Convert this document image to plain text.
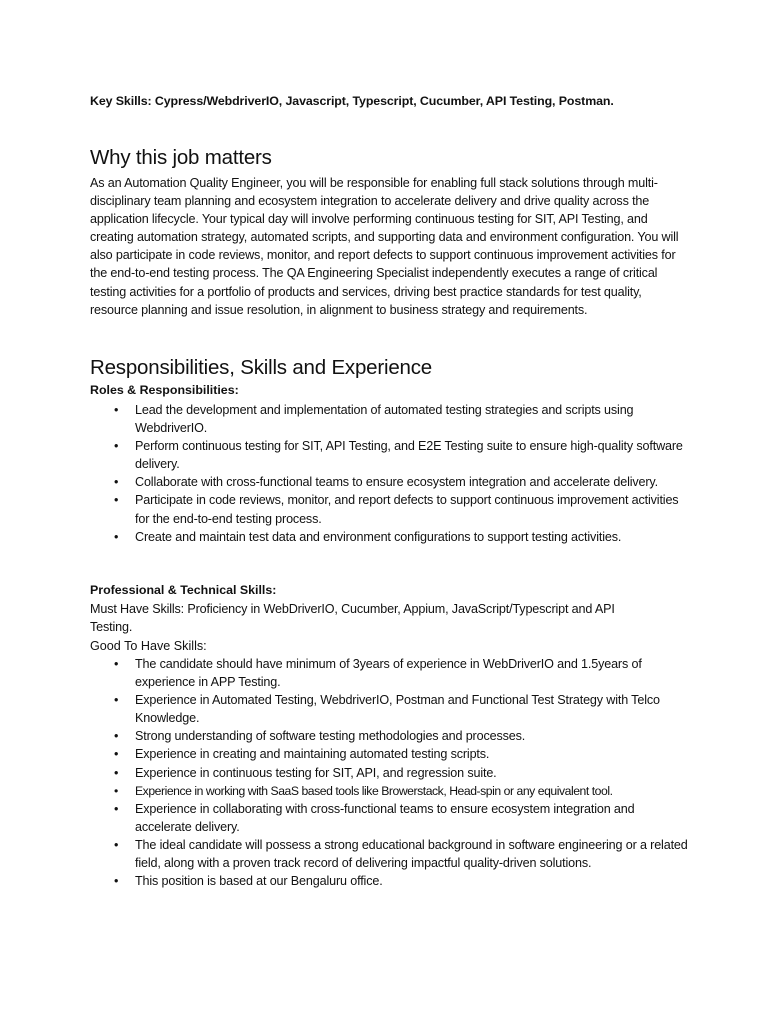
Key Skills: Cypress/WebdriverIO, Javascript, Typescript, Cucumber, API Testing, Postman.
Why this job matters

As an Automation Quality Engineer, you will be responsible for enabling full stack solutions through multi-disciplinary team planning and ecosystem integration to accelerate delivery and drive quality across the application lifecycle. Your typical day will involve performing continuous testing for SIT, API Testing, and creating automation strategy, automated scripts, and supporting data and environment configuration. You will also participate in code reviews, monitor, and report defects to support continuous improvement activities for the end-to-end testing process. The QA Engineering Specialist independently executes a range of critical testing activities for a portfolio of products and services, driving best practice standards for test quality, resource planning and issue resolution, in alignment to business strategy and requirements.

Responsibilities, Skills and Experience
Roles & Responsibilities:
• Lead the development and implementation of automated testing strategies and scripts using WebdriverIO.
• Perform continuous testing for SIT, API Testing, and E2E Testing suite to ensure high-quality software delivery.
• Collaborate with cross-functional teams to ensure ecosystem integration and accelerate delivery.
• Participate in code reviews, monitor, and report defects to support continuous improvement activities for the end-to-end testing process.
• Create and maintain test data and environment configurations to support testing activities.
Professional & Technical Skills:

Must Have Skills: Proficiency in WebDriverIO, Cucumber, Appium, JavaScript/Typescript and API Testing.

Good To Have Skills:

• The candidate should have minimum of 3years of experience in WebDriverIO and 1.5years of experience in APP Testing.
• Experience in Automated Testing, WebdriverIO, Postman and Functional Test Strategy with Telco Knowledge.
• Strong understanding of software testing methodologies and processes.
• Experience in creating and maintaining automated testing scripts.
• Experience in continuous testing for SIT, API, and regression suite.
• Experience in working with SaaS based tools like Browerstack, Head-spin or any equivalent tool.
• Experience in collaborating with cross-functional teams to ensure ecosystem integration and accelerate delivery.
• The ideal candidate will possess a strong educational background in software engineering or a related field, along with a proven track record of delivering impactful quality-driven solutions.
• This position is based at our Bengaluru office.
